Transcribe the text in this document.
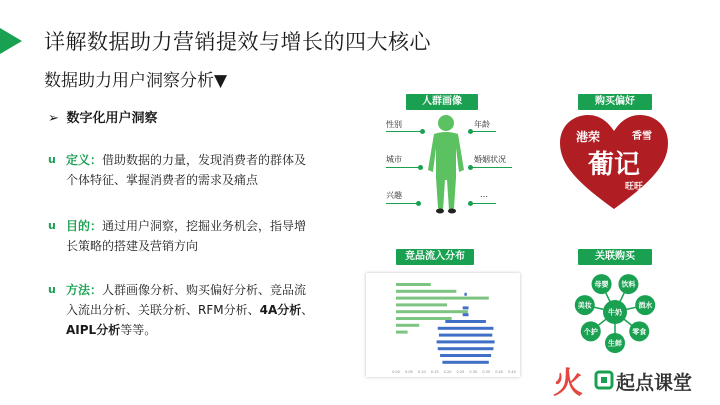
详解数据助力营销提效与增长的四大核心
数据助力用户洞察分析▼
➢ 数字化用户洞察
u 定义：借助数据的力量，发现消费者的群体及个体特征、掌握消费者的需求及痛点
u 目的：通过用户洞察，挖掘业务机会，指导增长策略的搭建及营销方向
u 方法：人群画像分析、购买偏好分析、竞品流入流出分析、关联分析、RFM分析、4A分析、AIPL分析等等。
人群画像
性别
城市
兴趣
年龄
婚姻状况
…
购买偏好
葡记
港荣	香雪
旺旺
竞品流入分布
0.00 0.05 0.10 0.15 0.20 0.25 0.30 0.35 0.40 0.45
关联购买
牛奶
饮料
酒水
零食
生鲜
个护
美妆
母婴
火 起点课堂
